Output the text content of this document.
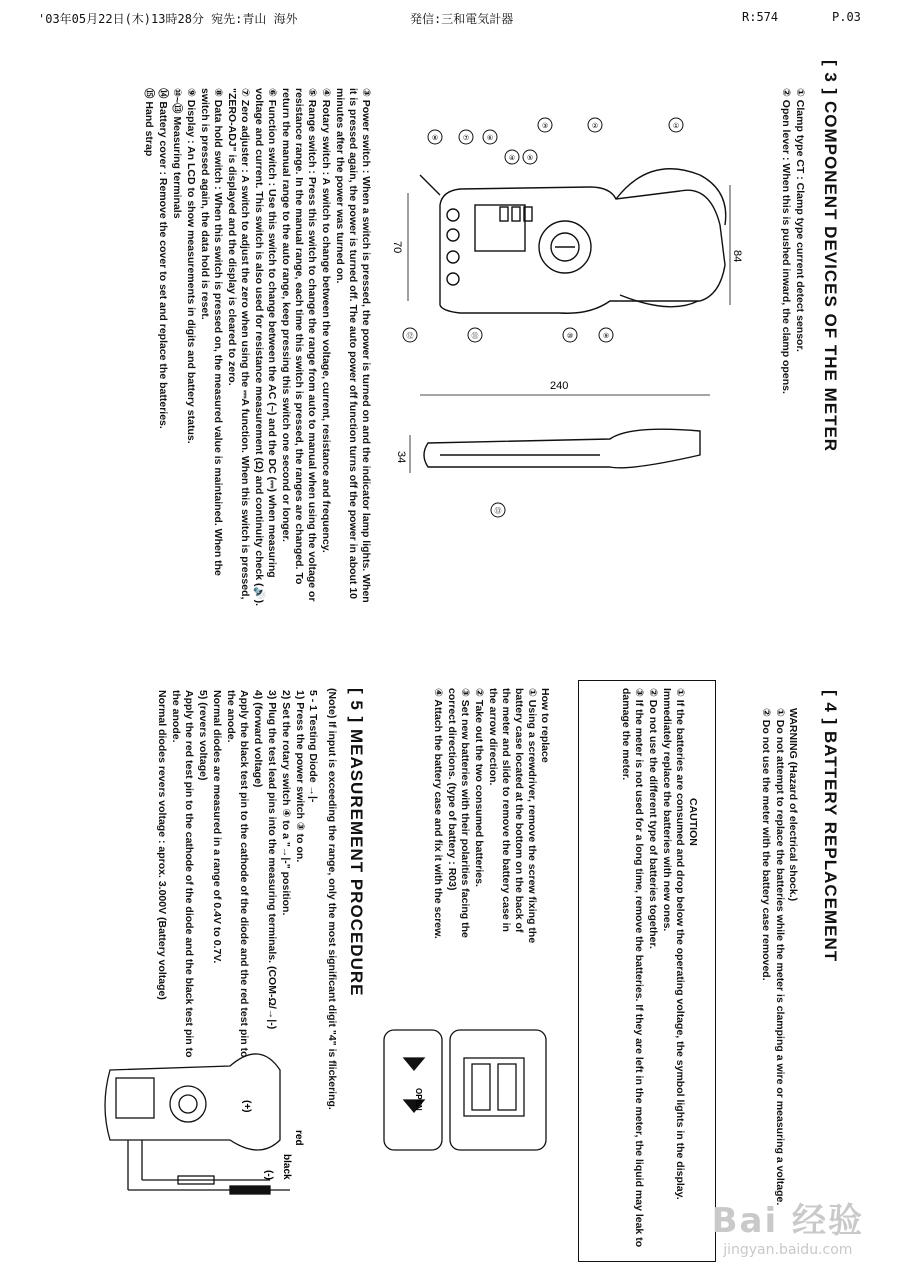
'03年05月22日(木)13時28分 宛先:青山 海外	発信:三和電気計器	R:574	P.03
[ 3 ] COMPONENT DEVICES OF THE METER

① Clamp type CT : Clamp type current detect sensor.

② Open lever : When this is pushed inward, the clamp opens.

84
70
240
34
①
②
③
④ ⑤
⑥
⑦
⑧
⑨
⑩
⑪
⑫
⑬

③ Power switch : When a switch is pressed, the power is turned on and the indicator lamp lights. When it is pressed again, the power is turned off. The auto power off function turns off the power in about 10 minutes after the power was turned on.

④ Rotary switch : A switch to change between the voltage, current, resistance and frequency.

⑤ Range switch : Press this switch to change the range from auto to manual when using the voltage or resistance range. In the manual range, each time this switch is pressed, the ranges are changed. To return the manual range to the auto range, keep pressing this switch one second or longer.

⑥ Function switch : Use this switch to change between the AC (~) and the DC (⎓) when measuring voltage and current. This switch is also used for resistance measurement (Ω) and continuity check (🔊).

⑦ Zero adjuster : A switch to adjust the zero when using the ⎓A function. When this switch is pressed, "ZERO-ADJ" is displayed and the display is cleared to zero.

⑧ Data hold switch : When this switch is pressed on, the measured value is maintained. When the switch is pressed again, the data hold is reset.

⑨ Display : An LCD to show measurements in digits and battery status.

⑩~⑬ Measuring terminals

⑭ Battery cover : Remove the cover to set and replace the batteries.

⑮ Hand strap

[ 4 ] BATTERY REPLACEMENT

WARNING (Hazard of electrical shock.)

① Do not attempt to replace the batteries while the meter is clamping a wire or measuring a voltage.

② Do not use the meter with the battery case removed.

CAUTION

① If the batteries are consumed and drop below the operating voltage, the symbol lights in the display. Immediately replace the batteries with new ones.

② Do not use the different type of batteries together.

③ If the meter is not used for a long time, remove the batteries. If they are left in the meter, the liquid may leak to damage the meter.

How to replace

① Using a screwdriver, remove the screw fixing the battery case located at the bottom on the back of the meter and slide to remove the battery case in the arrow direction.

② Take out the two consumed batteries.

③ Set new batteries with their polarities facing the correct directions. (type of battery : R03)

④ Attach the battery case and fix it with the screw.

OPEN
[ 5 ] MEASUREMENT PROCEDURE

(Note) If input is exceeding the range, only the most significant digit "4" is flickering.

5 - 1 Testing Diode →|-

1) Press the power switch ③ to on.

2) Set the rotary switch ④ to a "→|-" position.

3) Plug the test lead pins into the measuring terminals. (COM-Ω/→|-)

4) (forward voltage)

Apply the black test pin to the cathode of the diode and the red test pin to the anode.

Normal diodes are measured in a range of 0.4V to 0.7V.

5) (revers voltage)

Apply the red test pin to the cathode of the diode and the black test pin to the anode.

Normal diodes revers voltage : aprox. 3.000V (Battery voltage)

red
black
(+)
(-)
Bai 经验
jingyan.baidu.com
